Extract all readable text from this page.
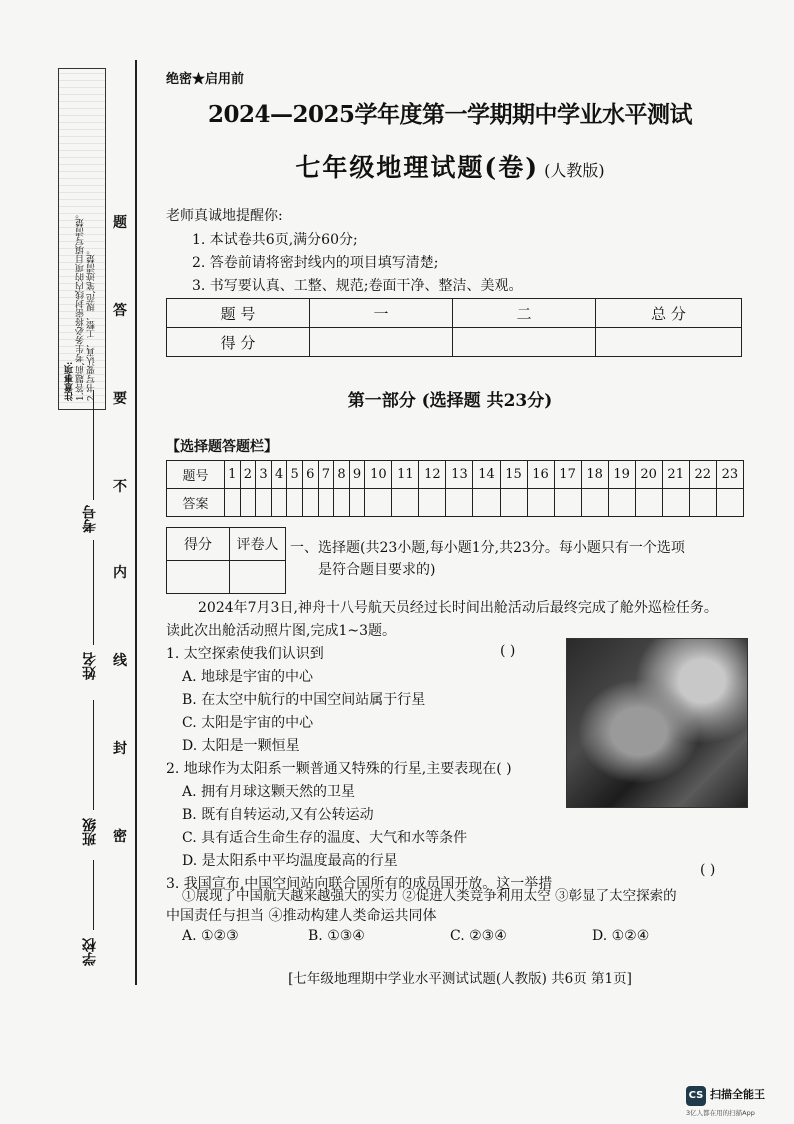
注意事项: 1.答题前,考生务必将密封线内的项目填写清楚。 2.书写要认真、工整、规范,笔迹清楚。
考号
姓名
班级
学校
题
答
要
不
内
线
封
密
绝密★启用前
2024—2025学年度第一学期期中学业水平测试
七年级地理试题(卷) (人教版)
老师真诚地提醒你:
1. 本试卷共6页,满分60分;
2. 答卷前请将密封线内的项目填写清楚;
3. 书写要认真、工整、规范;卷面干净、整洁、美观。
题 号	一	二	总 分
得 分			
第一部分 (选择题 共23分)
【选择题答题栏】
题号	1	2	3	4	5	6	7	8	9	10	11	12	13	14	15	16	17	18	19	20	21	22	23
答案																							
得分	评卷人
	一、选择题(共23小题,每小题1分,共23分。每小题只有一个选项
是符合题目要求的)
2024年7月3日,神舟十八号航天员经过长时间出舱活动后最终完成了舱外巡检任务。
读此次出舱活动照片图,完成1~3题。
1. 太空探索使我们认识到	( )
A. 地球是宇宙的中心
B. 在太空中航行的中国空间站属于行星
C. 太阳是宇宙的中心
D. 太阳是一颗恒星
2. 地球作为太阳系一颗普通又特殊的行星,主要表现在( )
A. 拥有月球这颗天然的卫星
B. 既有自转运动,又有公转运动
C. 具有适合生命生存的温度、大气和水等条件
D. 是太阳系中平均温度最高的行星
3. 我国宣布,中国空间站向联合国所有的成员国开放。这一举措
( )
①展现了中国航天越来越强大的实力 ②促进人类竞争利用太空 ③彰显了太空探索的
中国责任与担当 ④推动构建人类命运共同体
A. ①②③	B. ①③④	C. ②③④	D. ①②④
[七年级地理期中学业水平测试试题(人教版) 共6页 第1页]
CS 扫描全能王
3亿人都在用的扫描App
